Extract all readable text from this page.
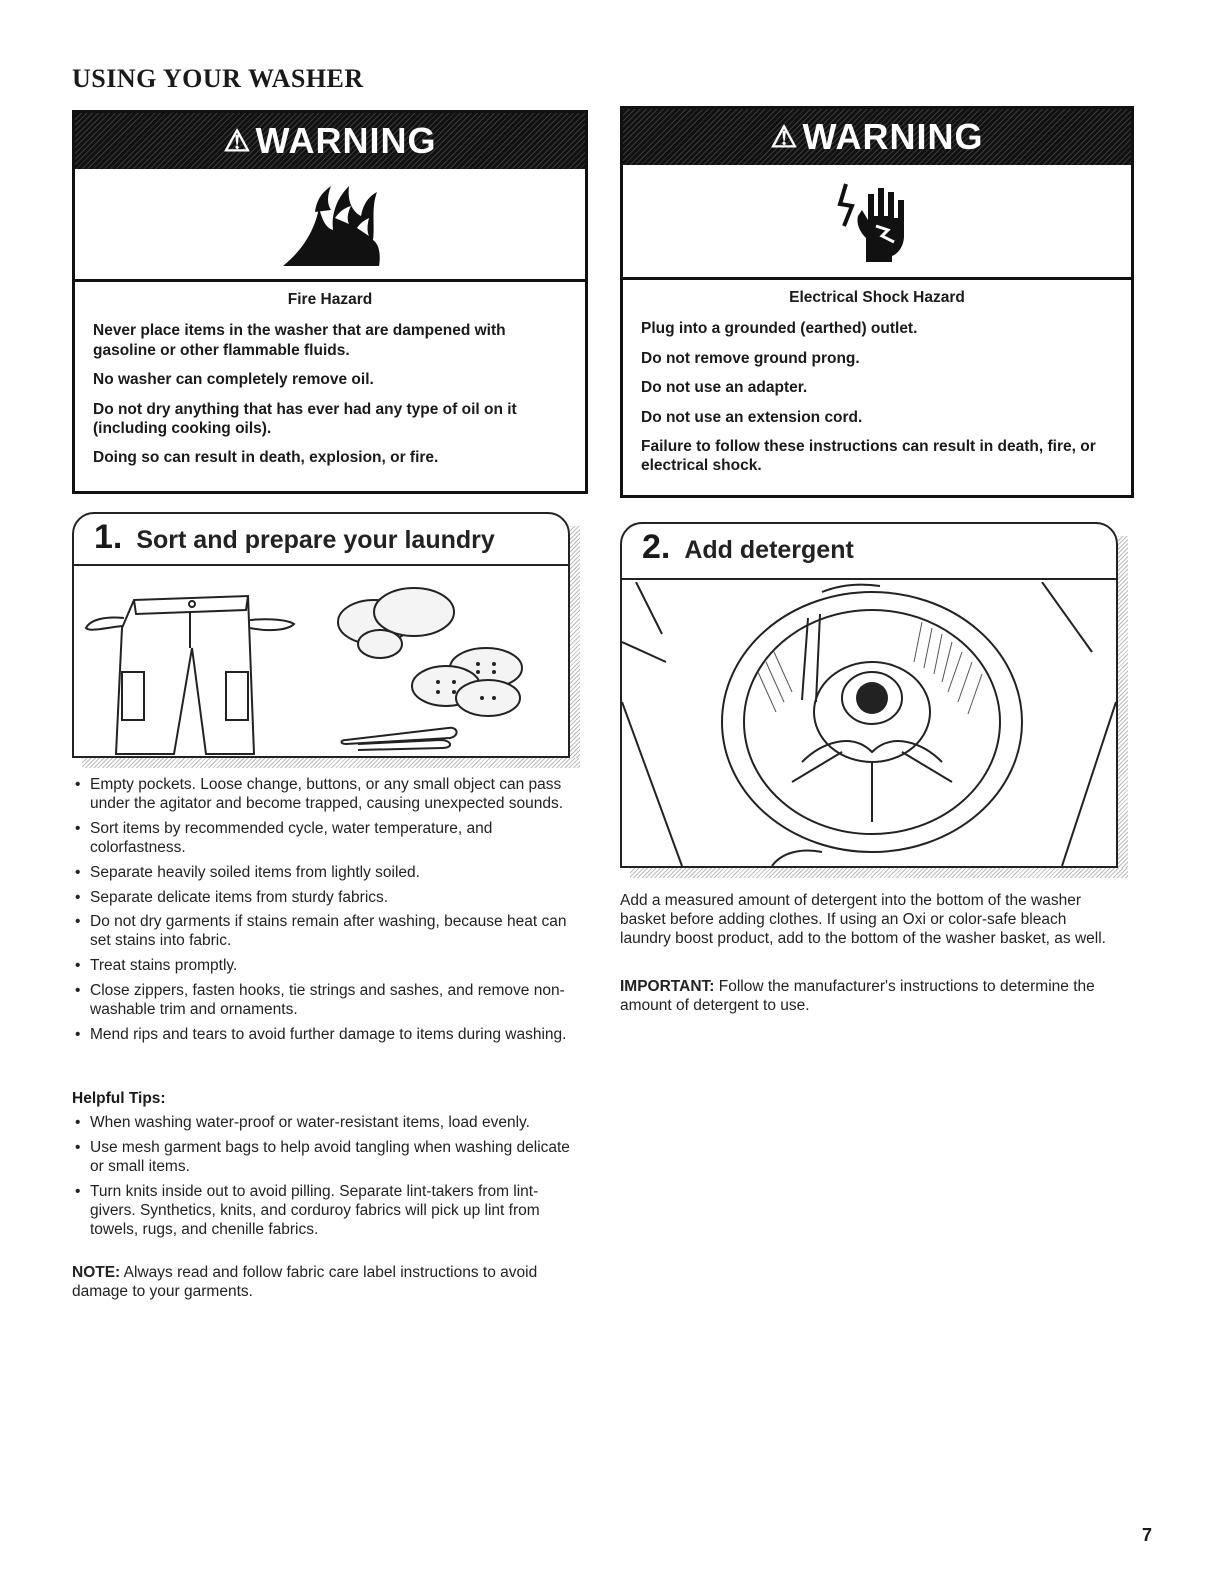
USING YOUR WASHER
⚠ WARNING
Fire Hazard

Never place items in the washer that are dampened with gasoline or other flammable fluids.

No washer can completely remove oil.

Do not dry anything that has ever had any type of oil on it (including cooking oils).

Doing so can result in death, explosion, or fire.

⚠ WARNING
Electrical Shock Hazard

Plug into a grounded (earthed) outlet.

Do not remove ground prong.

Do not use an adapter.

Do not use an extension cord.

Failure to follow these instructions can result in death, fire, or electrical shock.

1. Sort and prepare your laundry
• Empty pockets. Loose change, buttons, or any small object can pass under the agitator and become trapped, causing unexpected sounds.
• Sort items by recommended cycle, water temperature, and colorfastness.
• Separate heavily soiled items from lightly soiled.
• Separate delicate items from sturdy fabrics.
• Do not dry garments if stains remain after washing, because heat can set stains into fabric.
• Treat stains promptly.
• Close zippers, fasten hooks, tie strings and sashes, and remove non-washable trim and ornaments.
• Mend rips and tears to avoid further damage to items during washing.
Helpful Tips:
• When washing water-proof or water-resistant items, load evenly.
• Use mesh garment bags to help avoid tangling when washing delicate or small items.
• Turn knits inside out to avoid pilling. Separate lint-takers from lint-givers. Synthetics, knits, and corduroy fabrics will pick up lint from towels, rugs, and chenille fabrics.

NOTE: Always read and follow fabric care label instructions to avoid damage to your garments.

2. Add detergent

Add a measured amount of detergent into the bottom of the washer basket before adding clothes. If using an Oxi or color-safe bleach laundry boost product, add to the bottom of the washer basket, as well.

IMPORTANT: Follow the manufacturer's instructions to determine the amount of detergent to use.

7
